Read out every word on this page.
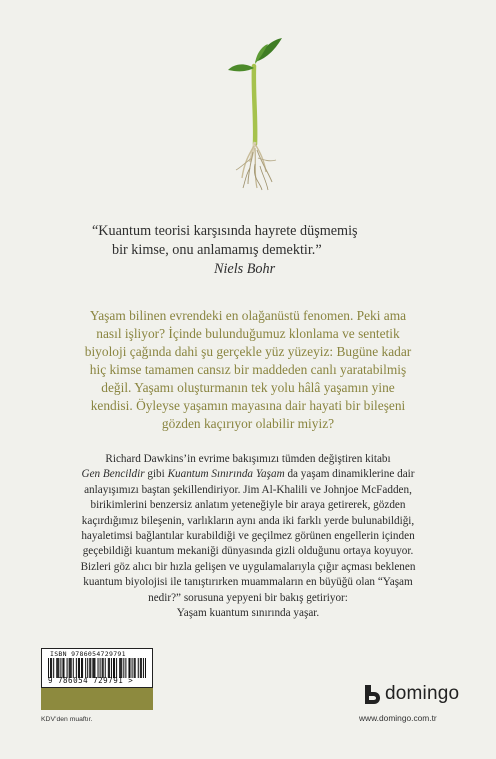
“Kuantum teorisi karşısında hayrete düşmemiş
bir kimse, onu anlamamış demektir.”
Niels Bohr
Yaşam bilinen evrendeki en olağanüstü fenomen. Peki ama
nasıl işliyor? İçinde bulunduğumuz klonlama ve sentetik
biyoloji çağında dahi şu gerçekle yüz yüzeyiz: Bugüne kadar
hiç kimse tamamen cansız bir maddeden canlı yaratabilmiş
değil. Yaşamı oluşturmanın tek yolu hâlâ yaşamın yine
kendisi. Öyleyse yaşamın mayasına dair hayati bir bileşeni
gözden kaçırıyor olabilir miyiz?

Richard Dawkins’in evrime bakışımızı tümden değiştiren kitabı

Gen Bencildir gibi Kuantum Sınırında Yaşam da yaşam dinamiklerine dair

anlayışımızı baştan şekillendiriyor. Jim Al-Khalili ve Johnjoe McFadden,

birikimlerini benzersiz anlatım yeteneğiyle bir araya getirerek, gözden

kaçırdığımız bileşenin, varlıkların aynı anda iki farklı yerde bulunabildiği,

hayaletimsi bağlantılar kurabildiği ve geçilmez görünen engellerin içinden

geçebildiği kuantum mekaniği dünyasında gizli olduğunu ortaya koyuyor.

Bizleri göz alıcı bir hızla gelişen ve uygulamalarıyla çığır açması beklenen

kuantum biyolojisi ile tanıştırırken muammaların en büyüğü olan “Yaşam

nedir?” sorusuna yepyeni bir bakış getiriyor:

Yaşam kuantum sınırında yaşar.

ISBN 9786054729791
9 786054 729791 >
KDV’den muaftır.
domingo
www.domingo.com.tr
